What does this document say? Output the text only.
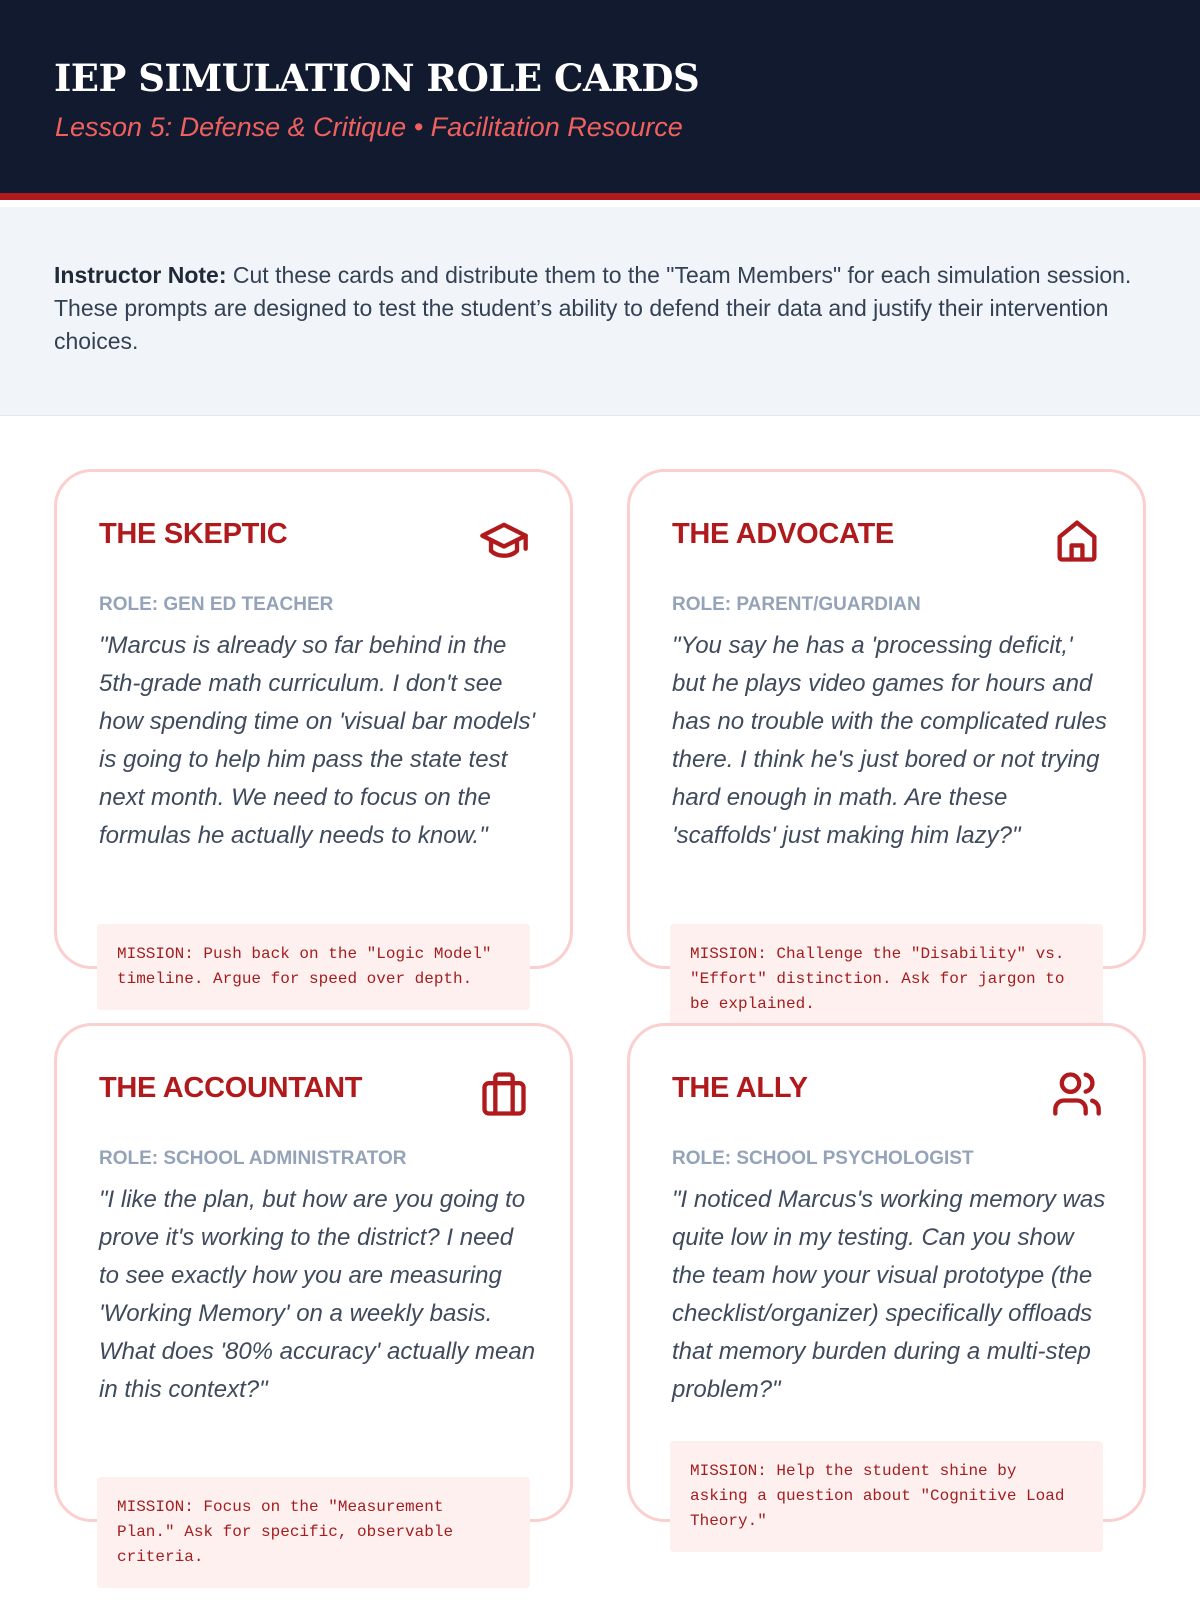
IEP SIMULATION ROLE CARDS
Lesson 5: Defense & Critique • Facilitation Resource

Instructor Note: Cut these cards and distribute them to the "Team Members" for each simulation session. These prompts are designed to test the student’s ability to defend their data and justify their intervention choices.

THE SKEPTIC
ROLE: GEN ED TEACHER
"Marcus is already so far behind in the 5th-grade math curriculum. I don't see how spending time on 'visual bar models' is going to help him pass the state test next month. We need to focus on the formulas he actually needs to know."
MISSION: Push back on the "Logic Model" timeline. Argue for speed over depth.
THE ADVOCATE
ROLE: PARENT/GUARDIAN
"You say he has a 'processing deficit,' but he plays video games for hours and has no trouble with the complicated rules there. I think he's just bored or not trying hard enough in math. Are these 'scaffolds' just making him lazy?"
MISSION: Challenge the "Disability" vs. "Effort" distinction. Ask for jargon to be explained.
THE ACCOUNTANT
ROLE: SCHOOL ADMINISTRATOR
"I like the plan, but how are you going to prove it's working to the district? I need to see exactly how you are measuring 'Working Memory' on a weekly basis. What does '80% accuracy' actually mean in this context?"
MISSION: Focus on the "Measurement Plan." Ask for specific, observable criteria.
THE ALLY
ROLE: SCHOOL PSYCHOLOGIST
"I noticed Marcus's working memory was quite low in my testing. Can you show the team how your visual prototype (the checklist/organizer) specifically offloads that memory burden during a multi-step problem?"
MISSION: Help the student shine by asking a question about "Cognitive Load Theory."
